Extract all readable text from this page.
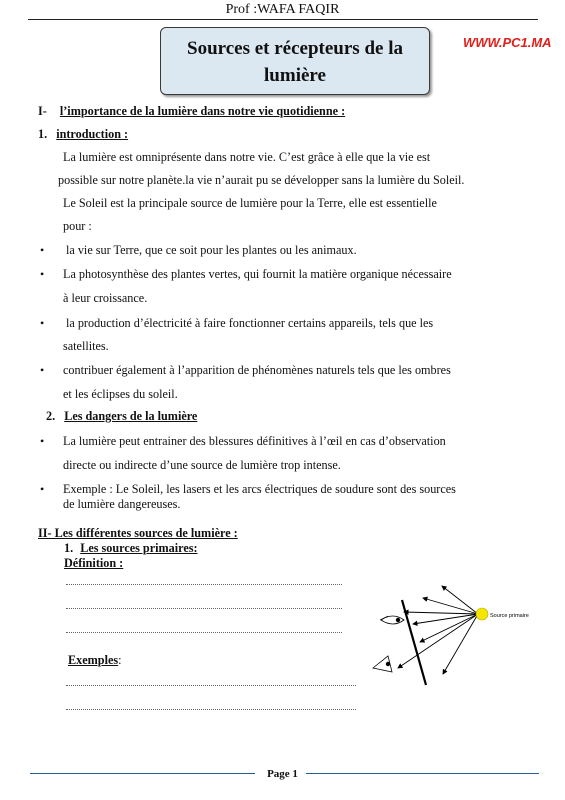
Prof :WAFA FAQIR
Sources et récepteurs de la
lumière
WWW.PC1.MA
I- l’importance de la lumière dans notre vie quotidienne :
1. introduction :
La lumière est omniprésente dans notre vie. C’est grâce à elle que la vie est
possible sur notre planète.la vie n’aurait pu se développer sans la lumière du Soleil.
Le Soleil est la principale source de lumière pour la Terre, elle est essentielle
pour :
• la vie sur Terre, que ce soit pour les plantes ou les animaux.
• La photosynthèse des plantes vertes, qui fournit la matière organique nécessaire
à leur croissance.
• la production d’électricité à faire fonctionner certains appareils, tels que les
satellites.
• contribuer également à l’apparition de phénomènes naturels tels que les ombres
et les éclipses du soleil.
2. Les dangers de la lumière
• La lumière peut entrainer des blessures définitives à l’œil en cas d’observation
directe ou indirecte d’une source de lumière trop intense.
• Exemple : Le Soleil, les lasers et les arcs électriques de soudure sont des sources
de lumière dangereuses.
II- Les différentes sources de lumière :
1. Les sources primaires:
Définition :
Exemples:
Source primaire
Page 1
